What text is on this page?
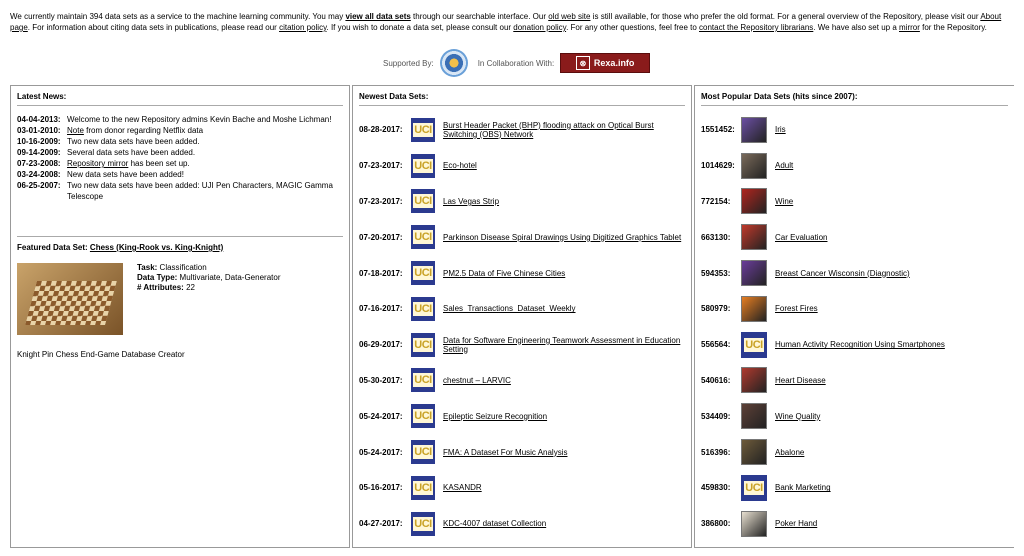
We currently maintain 394 data sets as a service to the machine learning community. You may view all data sets through our searchable interface. Our old web site is still available, for those who prefer the old format. For a general overview of the Repository, please visit our About page. For information about citing data sets in publications, please read our citation policy. If you wish to donate a data set, please consult our donation policy. For any other questions, feel free to contact the Repository librarians. We have also set up a mirror for the Repository.
Supported By:	In Collaboration With:	⊗ Rexa.info
Latest News:
04-04-2013: Welcome to the new Repository admins Kevin Bache and Moshe Lichman!
03-01-2010: Note from donor regarding Netflix data
10-16-2009: Two new data sets have been added.
09-14-2009: Several data sets have been added.
07-23-2008: Repository mirror has been set up.
03-24-2008: New data sets have been added!
06-25-2007: Two new data sets have been added: UJI Pen Characters, MAGIC Gamma Telescope
Featured Data Set: Chess (King-Rook vs. King-Knight)
Task: Classification
Data Type: Multivariate, Data-Generator
# Attributes: 22
Knight Pin Chess End-Game Database Creator
Newest Data Sets:
08-28-2017:	UCI Burst Header Packet (BHP) flooding attack on Optical Burst Switching (OBS) Network
07-23-2017:	UCI Eco-hotel
07-23-2017:	UCI Las Vegas Strip
07-20-2017:	UCI Parkinson Disease Spiral Drawings Using Digitized Graphics Tablet
07-18-2017:	UCI PM2.5 Data of Five Chinese Cities
07-16-2017:	UCI Sales_Transactions_Dataset_Weekly
06-29-2017:	UCI Data for Software Engineering Teamwork Assessment in Education Setting
05-30-2017:	UCI chestnut – LARVIC
05-24-2017:	UCI Epileptic Seizure Recognition
05-24-2017:	UCI FMA: A Dataset For Music Analysis
05-16-2017:	UCI KASANDR
04-27-2017:	UCI KDC-4007 dataset Collection
Most Popular Data Sets (hits since 2007):
1551452:	Iris
1014629:	Adult
772154:	Wine
663130:	Car Evaluation
594353:	Breast Cancer Wisconsin (Diagnostic)
580979:	Forest Fires
556564:	UCI Human Activity Recognition Using Smartphones
540616:	Heart Disease
534409:	Wine Quality
516396:	Abalone
459830:	UCI Bank Marketing
386800:	Poker Hand
